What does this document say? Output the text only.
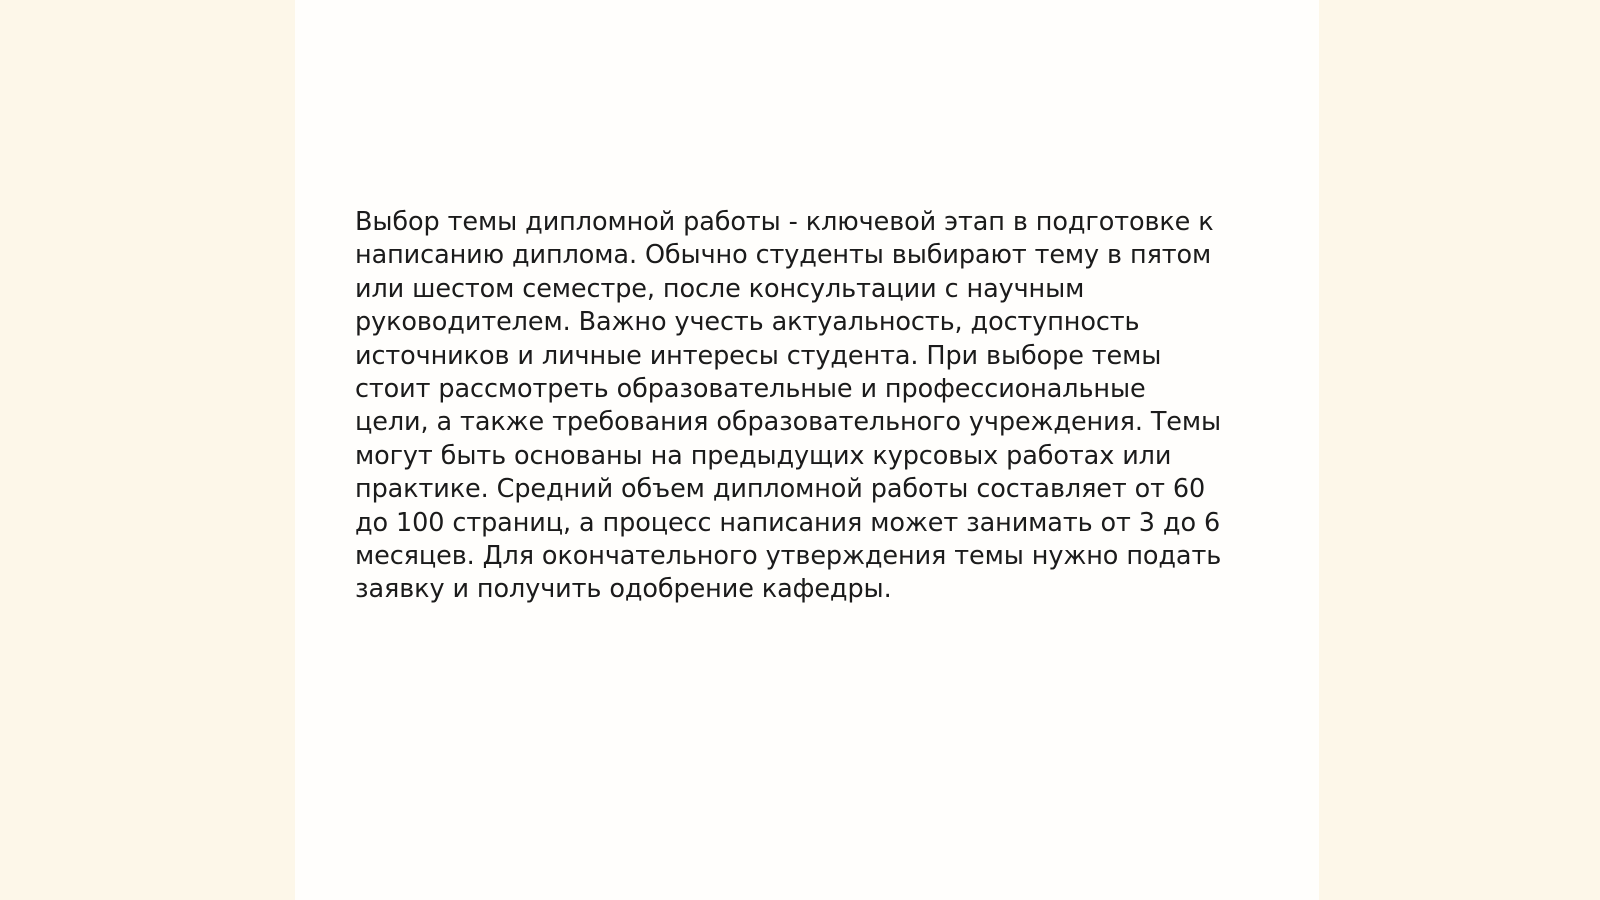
Выбор темы дипломной работы - ключевой этап в подготовке к
написанию диплома. Обычно студенты выбирают тему в пятом
или шестом семестре, после консультации с научным
руководителем. Важно учесть актуальность, доступность
источников и личные интересы студента. При выборе темы
стоит рассмотреть образовательные и профессиональные
цели, а также требования образовательного учреждения. Темы
могут быть основаны на предыдущих курсовых работах или
практике. Средний объем дипломной работы составляет от 60
до 100 страниц, а процесс написания может занимать от 3 до 6
месяцев. Для окончательного утверждения темы нужно подать
заявку и получить одобрение кафедры.
